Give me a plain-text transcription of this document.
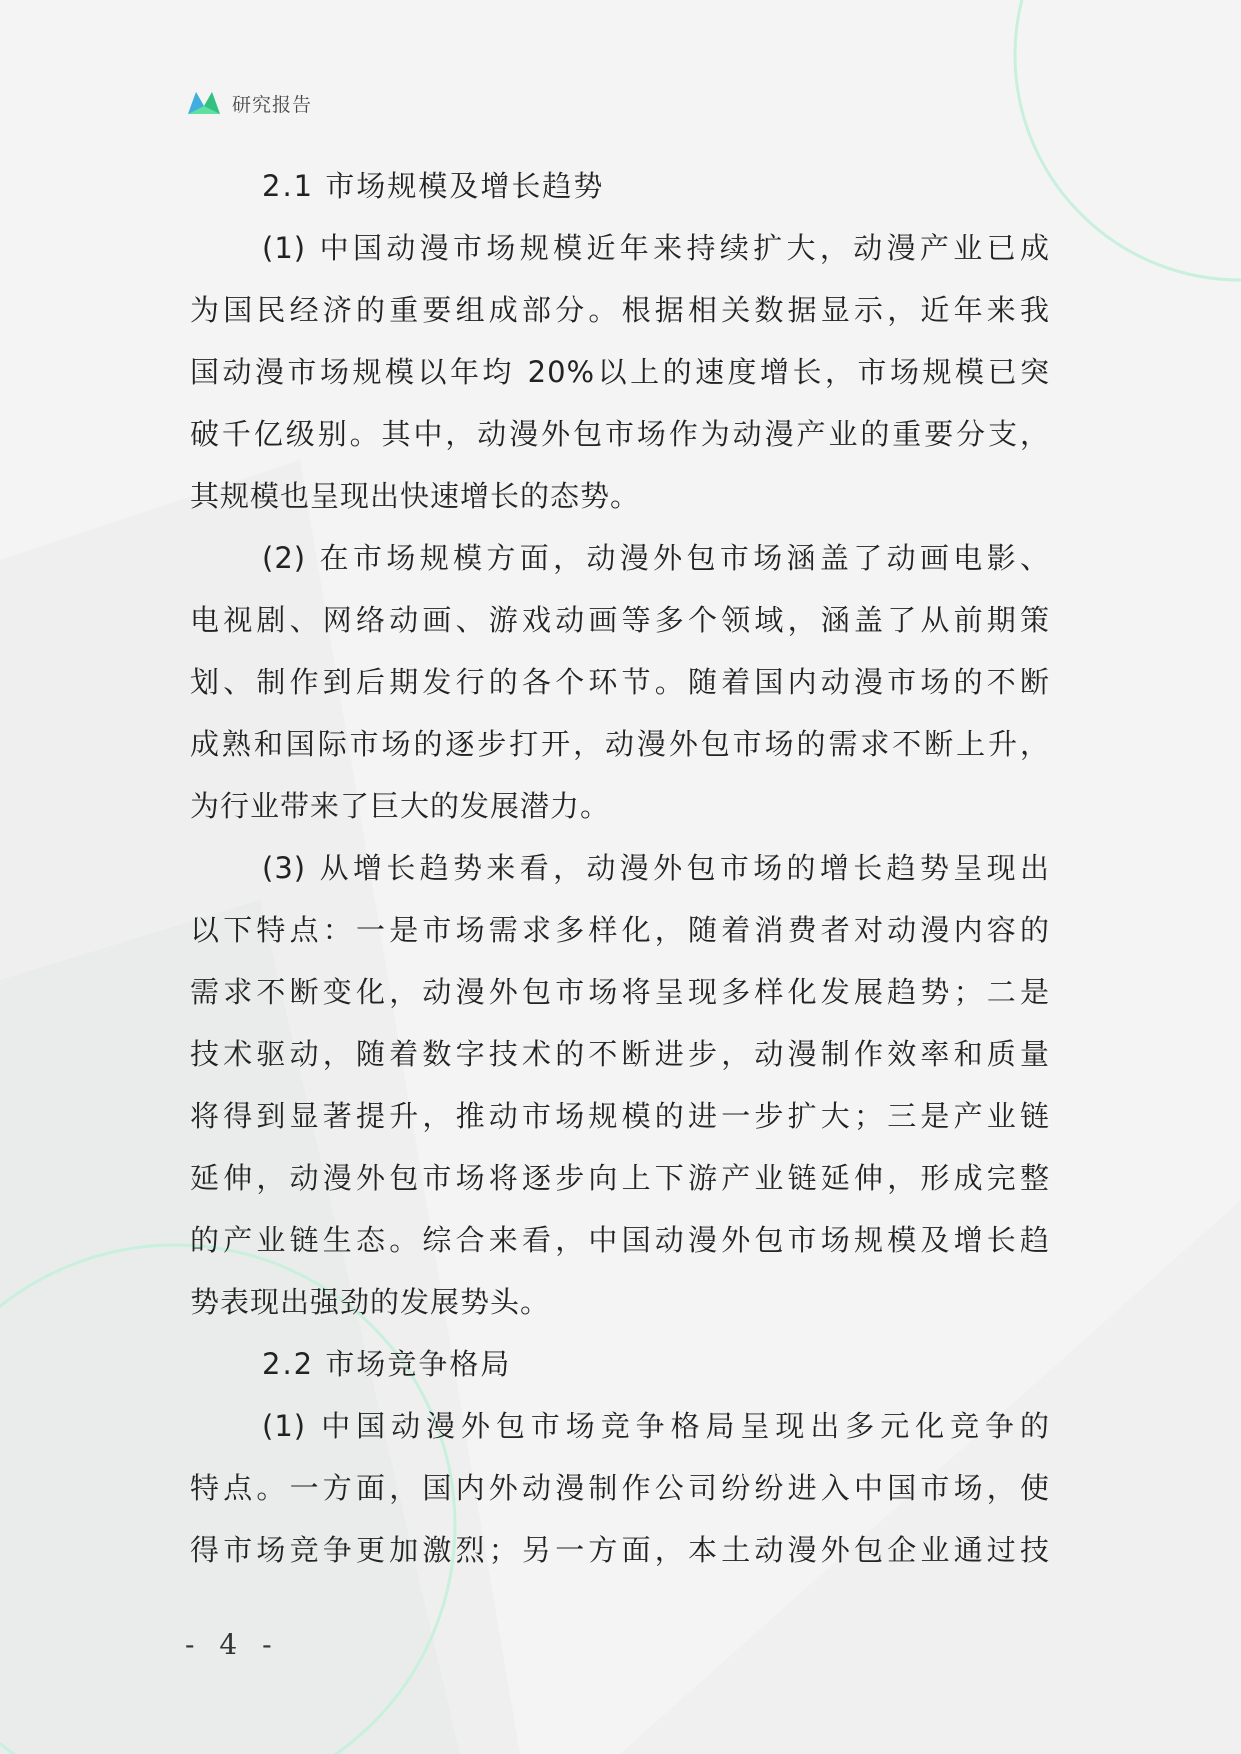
研究报告
2.1 市场规模及增长趋势
(1) 中国动漫市场规模近年来持续扩大，动漫产业已成
为国民经济的重要组成部分。根据相关数据显示，近年来我
国动漫市场规模以年均 20%以上的速度增长，市场规模已突
破千亿级别。其中，动漫外包市场作为动漫产业的重要分支，
其规模也呈现出快速增长的态势。
(2) 在市场规模方面，动漫外包市场涵盖了动画电影、
电视剧、网络动画、游戏动画等多个领域，涵盖了从前期策
划、制作到后期发行的各个环节。随着国内动漫市场的不断
成熟和国际市场的逐步打开，动漫外包市场的需求不断上升，
为行业带来了巨大的发展潜力。
(3) 从增长趋势来看，动漫外包市场的增长趋势呈现出
以下特点：一是市场需求多样化，随着消费者对动漫内容的
需求不断变化，动漫外包市场将呈现多样化发展趋势；二是
技术驱动，随着数字技术的不断进步，动漫制作效率和质量
将得到显著提升，推动市场规模的进一步扩大；三是产业链
延伸，动漫外包市场将逐步向上下游产业链延伸，形成完整
的产业链生态。综合来看，中国动漫外包市场规模及增长趋
势表现出强劲的发展势头。
2.2 市场竞争格局
(1) 中国动漫外包市场竞争格局呈现出多元化竞争的
特点。一方面，国内外动漫制作公司纷纷进入中国市场，使
得市场竞争更加激烈；另一方面，本土动漫外包企业通过技
- 4 -
